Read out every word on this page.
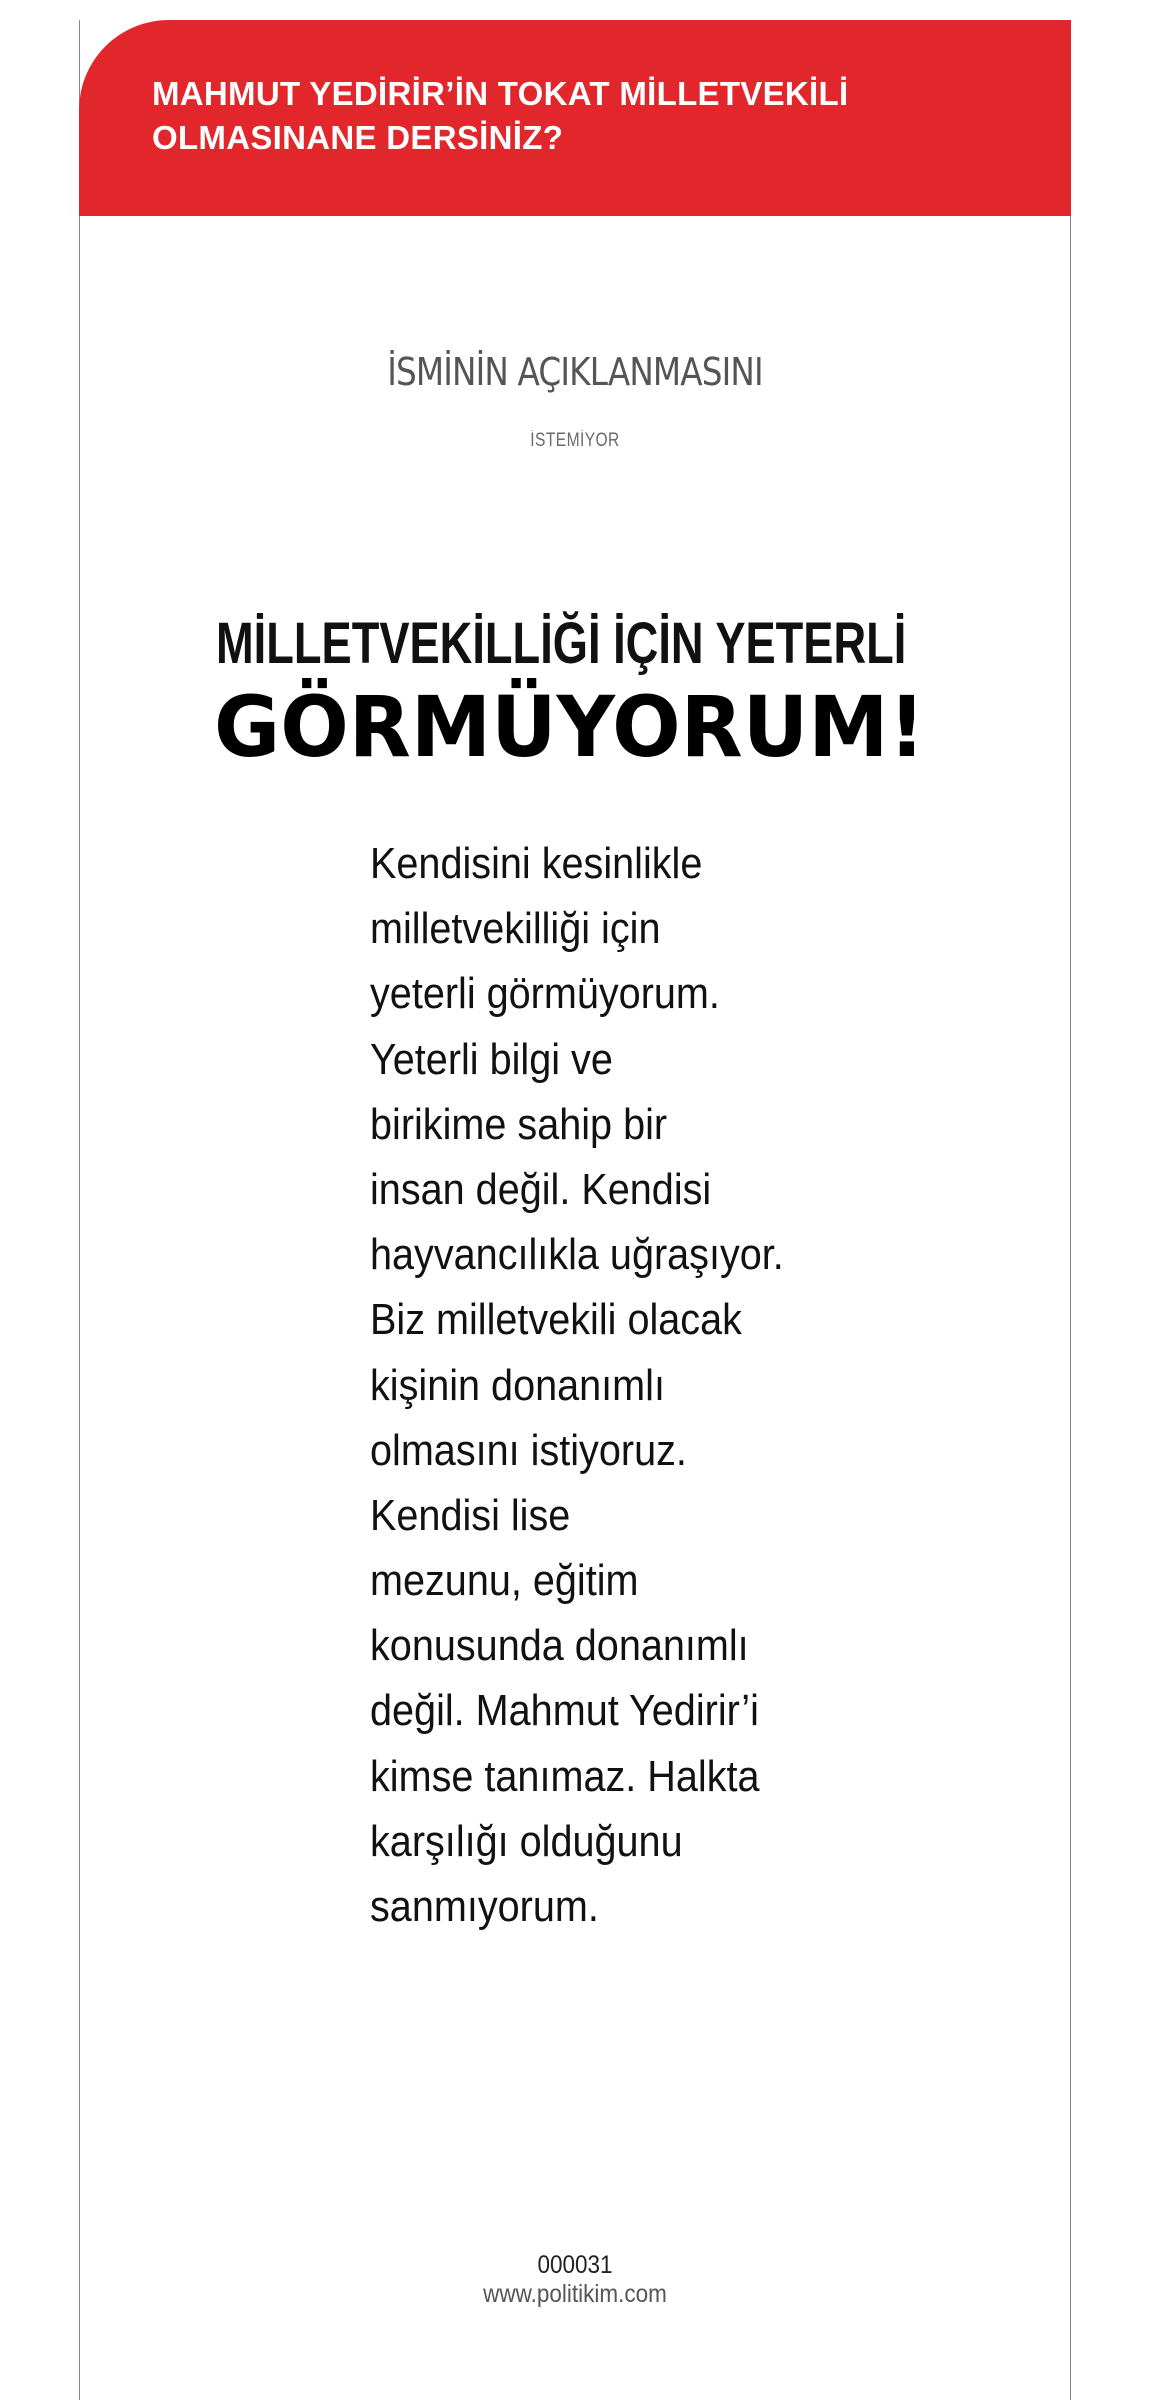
MAHMUT YEDİRİR’İN TOKAT MİLLETVEKİLİ
OLMASINANE DERSİNİZ?
İSMİNİN AÇIKLANMASINI
İSTEMİYOR
MİLLETVEKİLLİĞİ İÇİN YETERLİ
GÖRMÜYORUM!
Kendisini kesinlikle
milletvekilliği için
yeterli görmüyorum.
Yeterli bilgi ve
birikime sahip bir
insan değil. Kendisi
hayvancılıkla uğraşıyor.
Biz milletvekili olacak
kişinin donanımlı
olmasını istiyoruz.
Kendisi lise
mezunu, eğitim
konusunda donanımlı
değil. Mahmut Yedirir’i
kimse tanımaz. Halkta
karşılığı olduğunu
sanmıyorum.
000031
www.politikim.com
